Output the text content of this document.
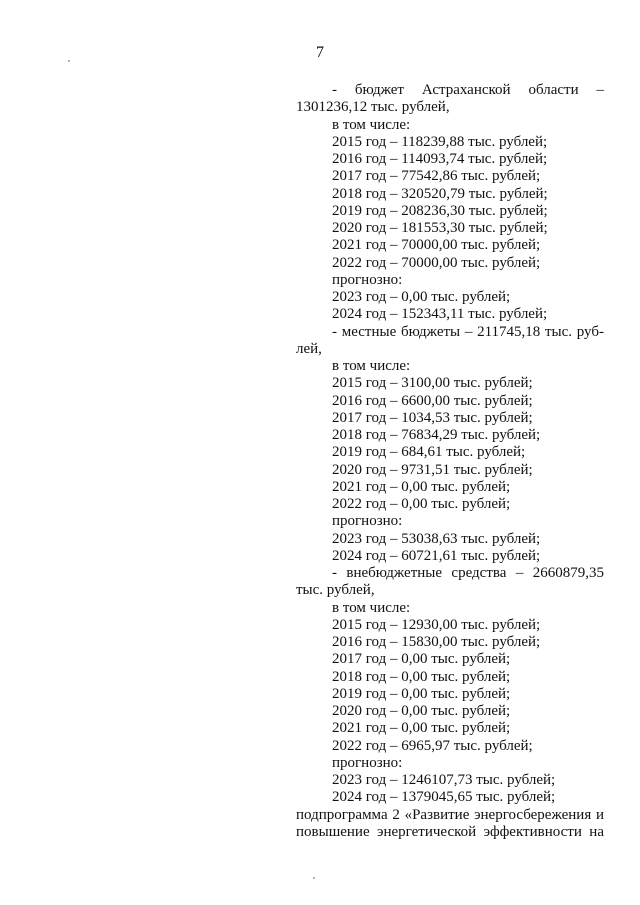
7
- бюджет Астраханской области –
1301236,12 тыс. рублей,
в том числе:
2015 год – 118239,88 тыс. рублей;
2016 год – 114093,74 тыс. рублей;
2017 год – 77542,86 тыс. рублей;
2018 год – 320520,79 тыс. рублей;
2019 год – 208236,30 тыс. рублей;
2020 год – 181553,30 тыс. рублей;
2021 год – 70000,00 тыс. рублей;
2022 год – 70000,00 тыс. рублей;
прогнозно:
2023 год – 0,00 тыс. рублей;
2024 год – 152343,11 тыс. рублей;
- местные бюджеты – 211745,18 тыс. руб-
лей,
в том числе:
2015 год – 3100,00 тыс. рублей;
2016 год – 6600,00 тыс. рублей;
2017 год – 1034,53 тыс. рублей;
2018 год – 76834,29 тыс. рублей;
2019 год – 684,61 тыс. рублей;
2020 год – 9731,51 тыс. рублей;
2021 год – 0,00 тыс. рублей;
2022 год – 0,00 тыс. рублей;
прогнозно:
2023 год – 53038,63 тыс. рублей;
2024 год – 60721,61 тыс. рублей;
- внебюджетные средства – 2660879,35
тыс. рублей,
в том числе:
2015 год – 12930,00 тыс. рублей;
2016 год – 15830,00 тыс. рублей;
2017 год – 0,00 тыс. рублей;
2018 год – 0,00 тыс. рублей;
2019 год – 0,00 тыс. рублей;
2020 год – 0,00 тыс. рублей;
2021 год – 0,00 тыс. рублей;
2022 год – 6965,97 тыс. рублей;
прогнозно:
2023 год – 1246107,73 тыс. рублей;
2024 год – 1379045,65 тыс. рублей;
подпрограмма 2 «Развитие энергосбережения и
повышение энергетической эффективности на
